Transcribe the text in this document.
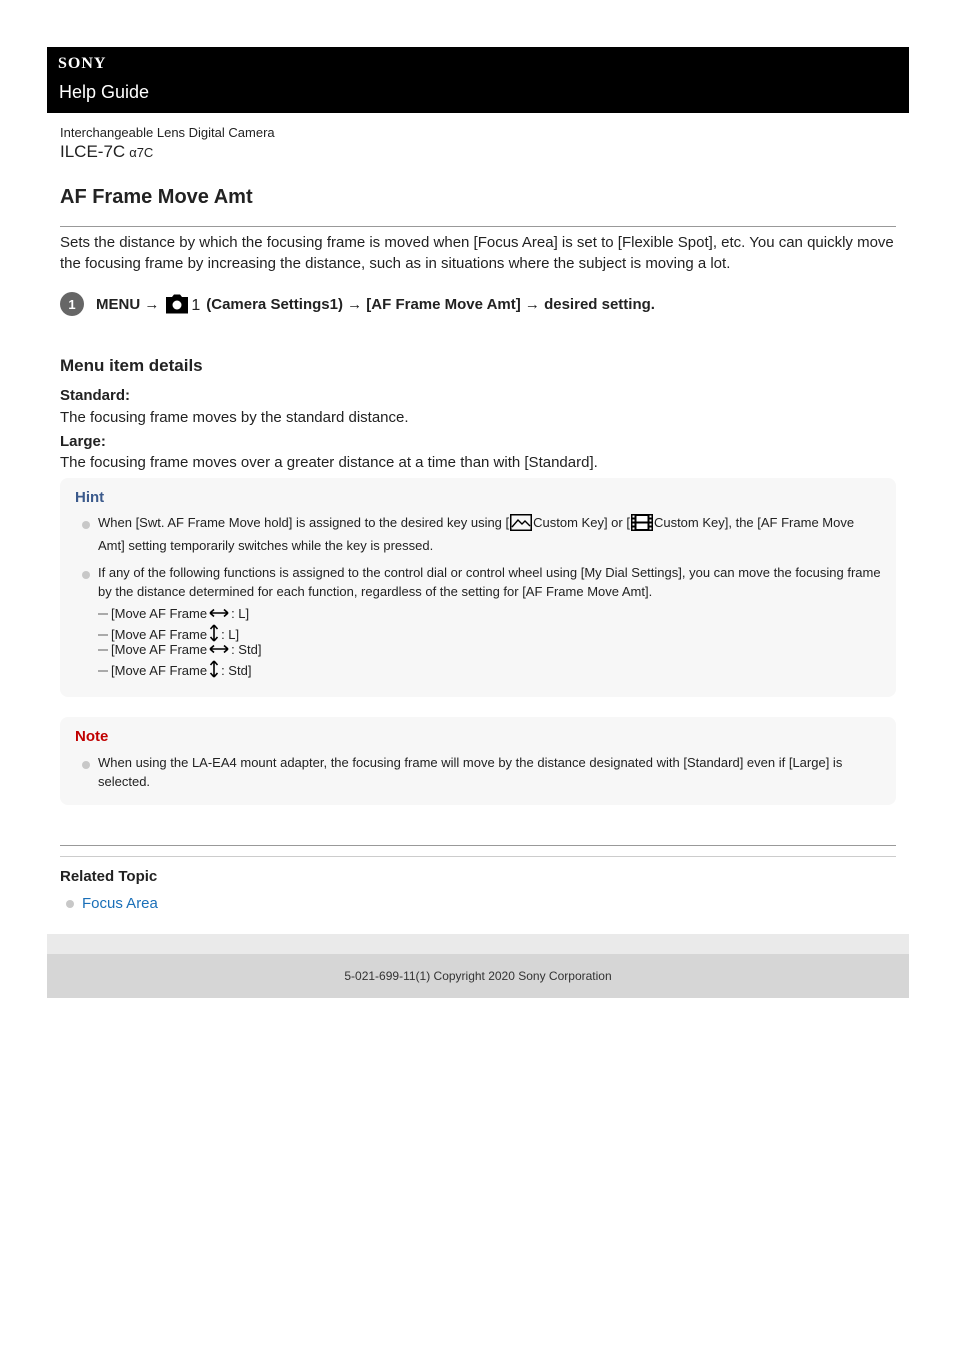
SONY
Help Guide
Interchangeable Lens Digital Camera
ILCE-7C α7C
AF Frame Move Amt
Sets the distance by which the focusing frame is moved when [Focus Area] is set to [Flexible Spot], etc. You can quickly move the focusing frame by increasing the distance, such as in situations where the subject is moving a lot.
1	MENU → 1 (Camera Settings1) → [AF Frame Move Amt] → desired setting.
Menu item details
Standard:
The focusing frame moves by the standard distance.
Large:
The focusing frame moves over a greater distance at a time than with [Standard].
Hint
When [Swt. AF Frame Move hold] is assigned to the desired key using [ Custom Key] or [ Custom Key], the [AF Frame Move Amt] setting temporarily switches while the key is pressed.
If any of the following functions is assigned to the control dial or control wheel using [My Dial Settings], you can move the focusing frame by the distance determined for each function, regardless of the setting for [AF Frame Move Amt].
[Move AF Frame : L]
[Move AF Frame : L]
[Move AF Frame : Std]
[Move AF Frame : Std]
Note
When using the LA-EA4 mount adapter, the focusing frame will move by the distance designated with [Standard] even if [Large] is selected.
Related Topic
Focus Area
5-021-699-11(1) Copyright 2020 Sony Corporation
